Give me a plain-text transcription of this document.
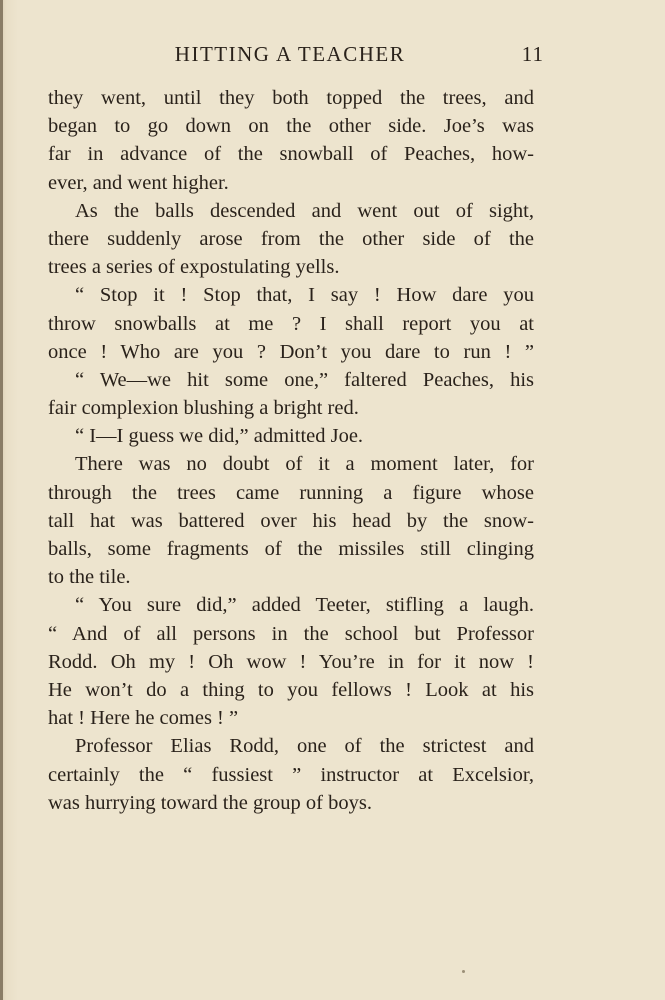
HITTING A TEACHER	11
they went, until they both topped the trees, and
began to go down on the other side. Joe’s was
far in advance of the snowball of Peaches, how-
ever, and went higher.
As the balls descended and went out of sight,
there suddenly arose from the other side of the
trees a series of expostulating yells.
“ Stop it ! Stop that, I say ! How dare you
throw snowballs at me ? I shall report you at
once ! Who are you ? Don’t you dare to run ! ”
“ We—we hit some one,” faltered Peaches, his
fair complexion blushing a bright red.
“ I—I guess we did,” admitted Joe.
There was no doubt of it a moment later, for
through the trees came running a figure whose
tall hat was battered over his head by the snow-
balls, some fragments of the missiles still clinging
to the tile.
“ You sure did,” added Teeter, stifling a laugh.
“ And of all persons in the school but Professor
Rodd. Oh my ! Oh wow ! You’re in for it now !
He won’t do a thing to you fellows ! Look at his
hat ! Here he comes ! ”
Professor Elias Rodd, one of the strictest and
certainly the “ fussiest ” instructor at Excelsior,
was hurrying toward the group of boys.
